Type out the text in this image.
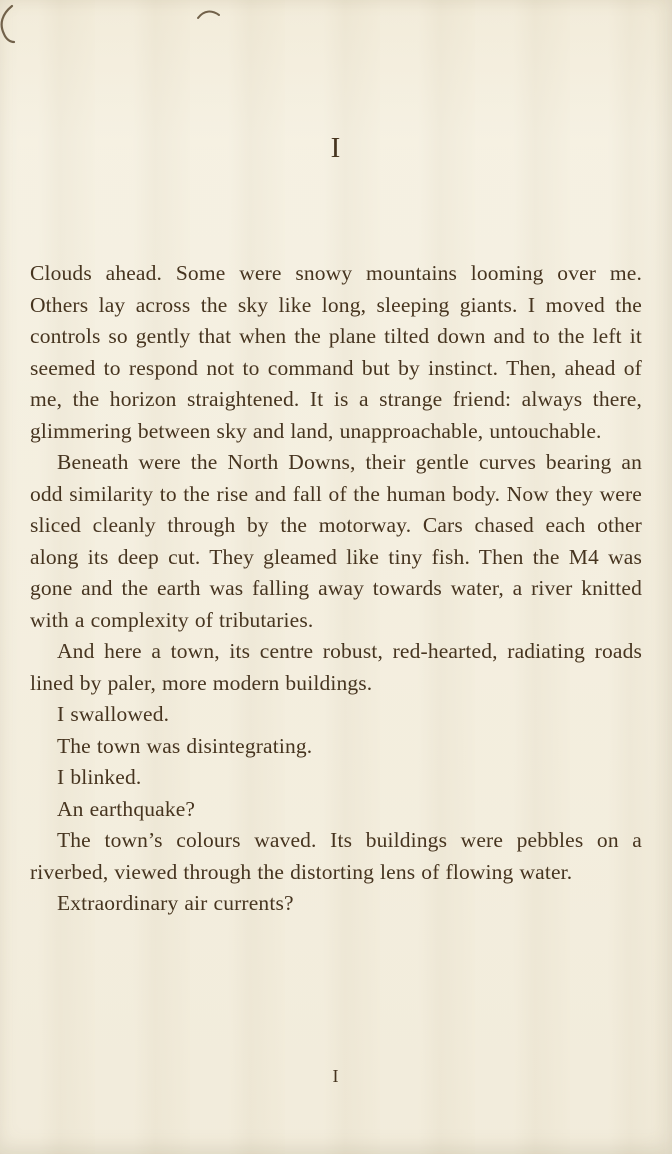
I

Clouds ahead. Some were snowy mountains looming over me. Others lay across the sky like long, sleeping giants. I moved the controls so gently that when the plane tilted down and to the left it seemed to respond not to command but by instinct. Then, ahead of me, the horizon straightened. It is a strange friend: always there, glimmering between sky and land, unapproachable, untouchable.

Beneath were the North Downs, their gentle curves bearing an odd similarity to the rise and fall of the human body. Now they were sliced cleanly through by the motorway. Cars chased each other along its deep cut. They gleamed like tiny fish. Then the M4 was gone and the earth was falling away towards water, a river knitted with a complexity of tributaries.

And here a town, its centre robust, red-hearted, radiating roads lined by paler, more modern buildings.

I swallowed.

The town was disintegrating.

I blinked.

An earthquake?

The town’s colours waved. Its buildings were pebbles on a riverbed, viewed through the distorting lens of flowing water.

Extraordinary air currents?

I
